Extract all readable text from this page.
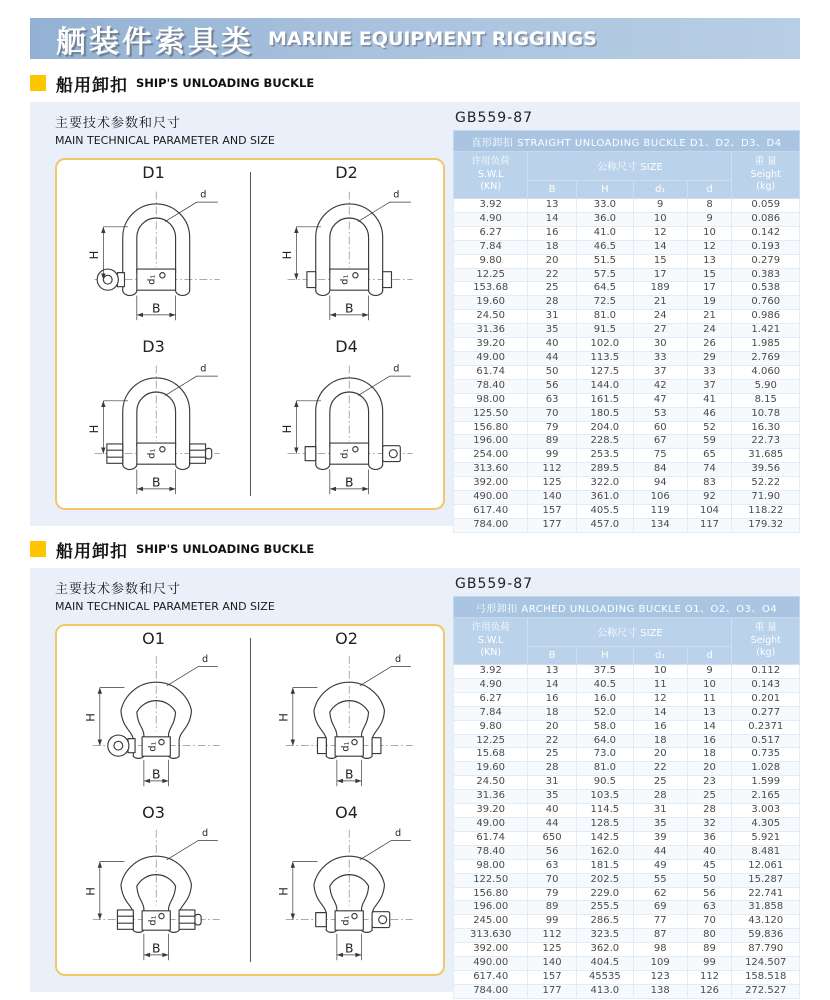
舾装件索具类 MARINE EQUIPMENT RIGGINGS
船用卸扣 SHIP'S UNLOADING BUCKLE
主要技术参数和尺寸
MAIN TECHNICAL PARAMETER AND SIZE
D1
d₁
d
H
B
D2
d₁
d
H
B
D3
d₁
d
H
B
D4
d₁
d
H
B
GB559-87
直形卸扣 STRAIGHT UNLOADING BUCKLE D1、D2、D3、D4					

许用负荷
S.W.L
(KN)	公称尺寸 SIZE				重 量
Seight
(kg)

	B	H	d₁	d	
3.92	13	33.0	9	8	0.059
4.90	14	36.0	10	9	0.086
6.27	16	41.0	12	10	0.142
7.84	18	46.5	14	12	0.193
9.80	20	51.5	15	13	0.279
12.25	22	57.5	17	15	0.383
153.68	25	64.5	189	17	0.538
19.60	28	72.5	21	19	0.760
24.50	31	81.0	24	21	0.986
31.36	35	91.5	27	24	1.421
39.20	40	102.0	30	26	1.985
49.00	44	113.5	33	29	2.769
61.74	50	127.5	37	33	4.060
78.40	56	144.0	42	37	5.90
98.00	63	161.5	47	41	8.15
125.50	70	180.5	53	46	10.78
156.80	79	204.0	60	52	16.30
196.00	89	228.5	67	59	22.73
254.00	99	253.5	75	65	31.685
313.60	112	289.5	84	74	39.56
392.00	125	322.0	94	83	52.22
490.00	140	361.0	106	92	71.90
617.40	157	405.5	119	104	118.22
784.00	177	457.0	134	117	179.32
船用卸扣 SHIP'S UNLOADING BUCKLE
主要技术参数和尺寸
MAIN TECHNICAL PARAMETER AND SIZE
O1
d₁
d
H
B
O2
d₁
d
H
B
O3
d₁
d
H
B
O4
d₁
d
H
B
GB559-87
弓形卸扣 ARCHED UNLOADING BUCKLE O1、O2、O3、O4					

许用负荷
S.W.L
(KN)	公称尺寸 SIZE				重 量
Seight
(kg)

	B	H	d₁	d	
3.92	13	37.5	10	9	0.112
4.90	14	40.5	11	10	0.143
6.27	16	16.0	12	11	0.201
7.84	18	52.0	14	13	0.277
9.80	20	58.0	16	14	0.2371
12.25	22	64.0	18	16	0.517
15.68	25	73.0	20	18	0.735
19.60	28	81.0	22	20	1.028
24.50	31	90.5	25	23	1.599
31.36	35	103.5	28	25	2.165
39.20	40	114.5	31	28	3.003
49.00	44	128.5	35	32	4.305
61.74	650	142.5	39	36	5.921
78.40	56	162.0	44	40	8.481
98.00	63	181.5	49	45	12.061
122.50	70	202.5	55	50	15.287
156.80	79	229.0	62	56	22.741
196.00	89	255.5	69	63	31.858
245.00	99	286.5	77	70	43.120
313.630	112	323.5	87	80	59.836
392.00	125	362.0	98	89	87.790
490.00	140	404.5	109	99	124.507
617.40	157	45535	123	112	158.518
784.00	177	413.0	138	126	272.527
